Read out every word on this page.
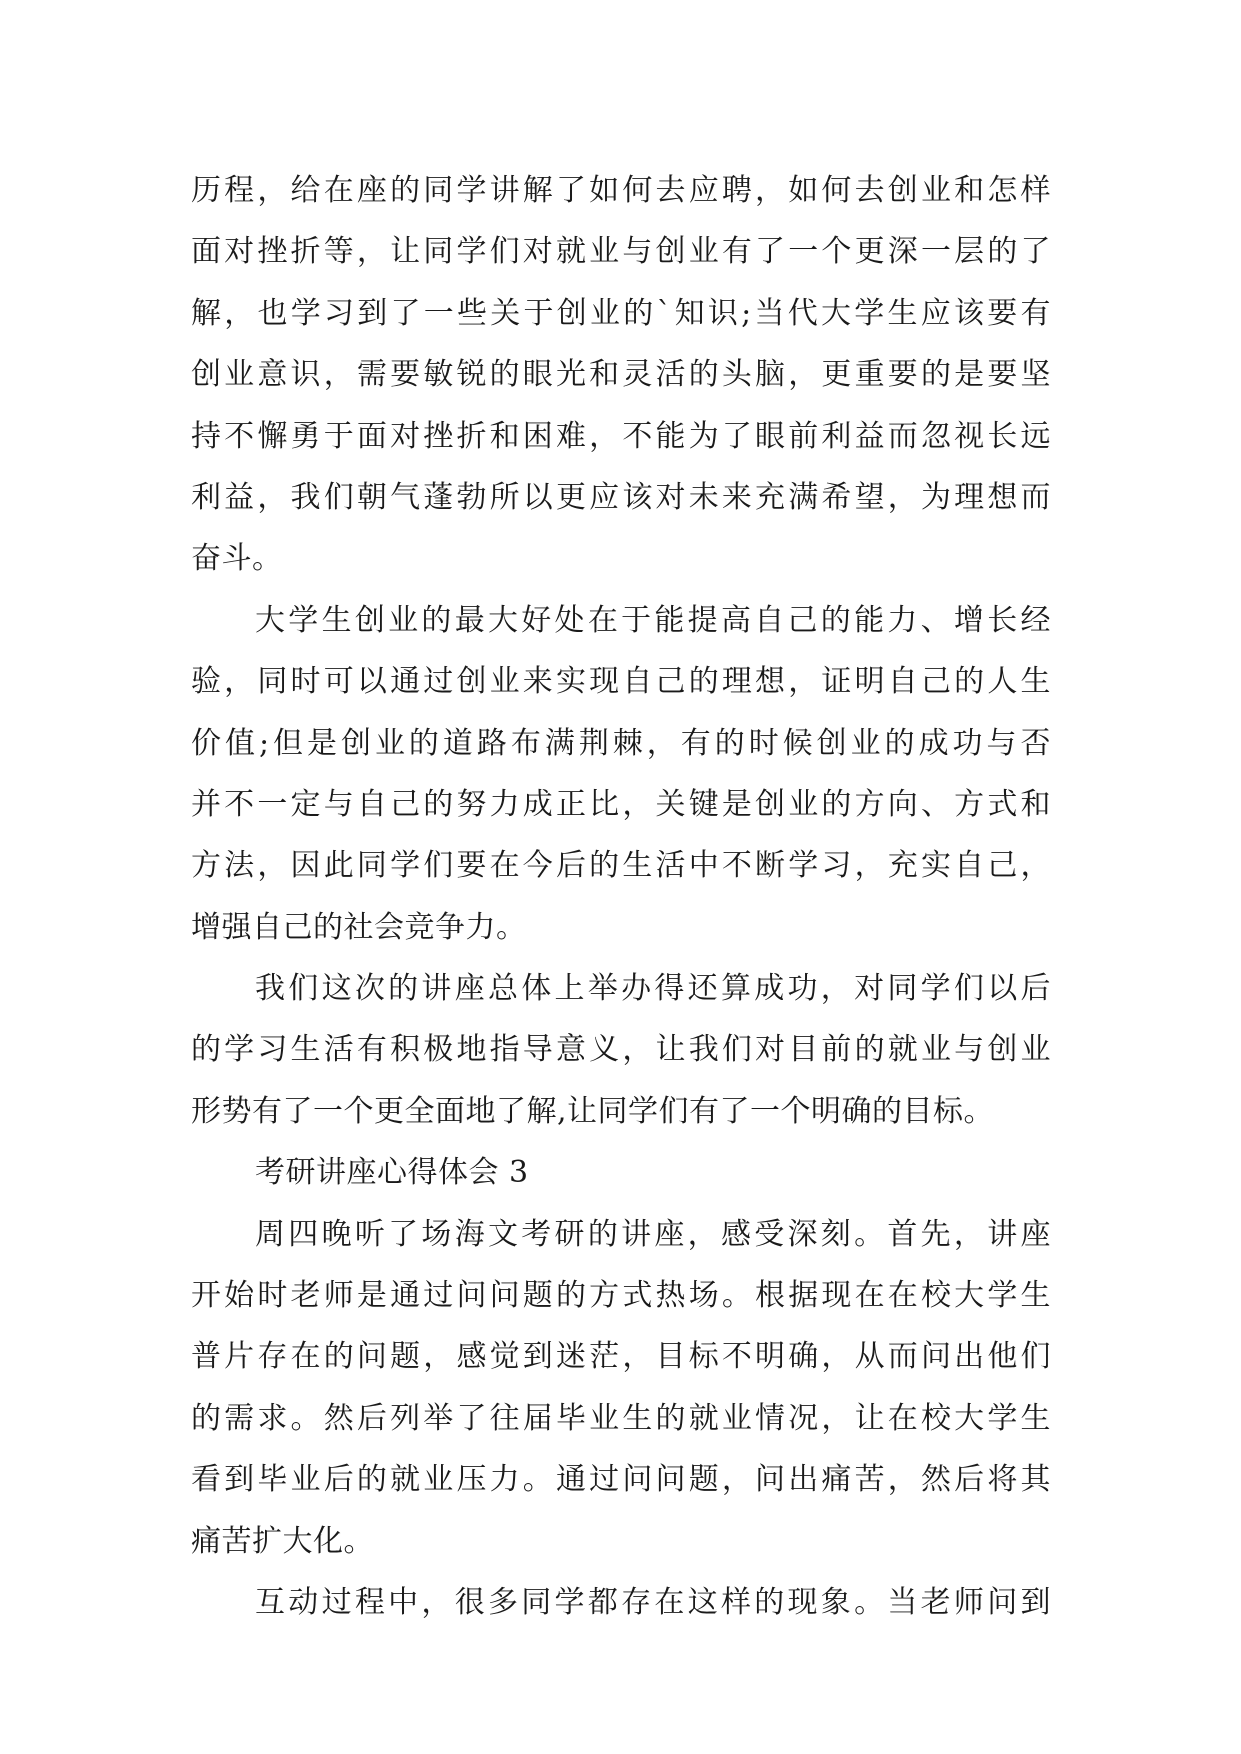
历程，给在座的同学讲解了如何去应聘，如何去创业和怎样
面对挫折等，让同学们对就业与创业有了一个更深一层的了
解，也学习到了一些关于创业的`知识;当代大学生应该要有
创业意识，需要敏锐的眼光和灵活的头脑，更重要的是要坚
持不懈勇于面对挫折和困难，不能为了眼前利益而忽视长远
利益，我们朝气蓬勃所以更应该对未来充满希望，为理想而
奋斗。
大学生创业的最大好处在于能提高自己的能力、增长经
验，同时可以通过创业来实现自己的理想，证明自己的人生
价值;但是创业的道路布满荆棘，有的时候创业的成功与否
并不一定与自己的努力成正比，关键是创业的方向、方式和
方法，因此同学们要在今后的生活中不断学习，充实自己，
增强自己的社会竞争力。
我们这次的讲座总体上举办得还算成功，对同学们以后
的学习生活有积极地指导意义，让我们对目前的就业与创业
形势有了一个更全面地了解,让同学们有了一个明确的目标。
考研讲座心得体会 3
周四晚听了场海文考研的讲座，感受深刻。首先，讲座
开始时老师是通过问问题的方式热场。根据现在在校大学生
普片存在的问题，感觉到迷茫，目标不明确，从而问出他们
的需求。然后列举了往届毕业生的就业情况，让在校大学生
看到毕业后的就业压力。通过问问题，问出痛苦，然后将其
痛苦扩大化。
互动过程中，很多同学都存在这样的现象。当老师问到
